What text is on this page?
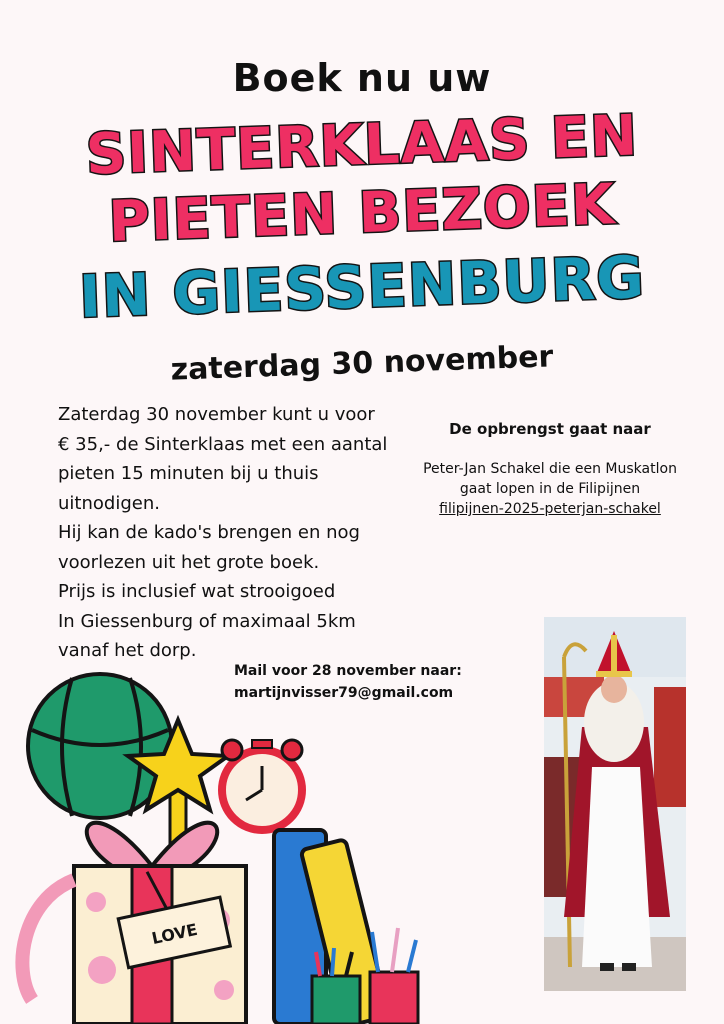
Boek nu uw
SINTERKLAAS EN
PIETEN BEZOEK
IN GIESSENBURG
zaterdag 30 november

Zaterdag 30 november kunt u voor € 35,- de Sinterklaas met een aantal pieten 15 minuten bij u thuis uitnodigen.

Hij kan de kado's brengen en nog voorlezen uit het grote boek.

Prijs is inclusief wat strooigoed

In Giessenburg of maximaal 5km vanaf het dorp.

De opbrengst gaat naar
Peter-Jan Schakel die een Muskatlon gaat lopen in de Filipijnen
filipijnen-2025-peterjan-schakel
Mail voor 28 november naar:
martijnvisser79@gmail.com
LOVE
